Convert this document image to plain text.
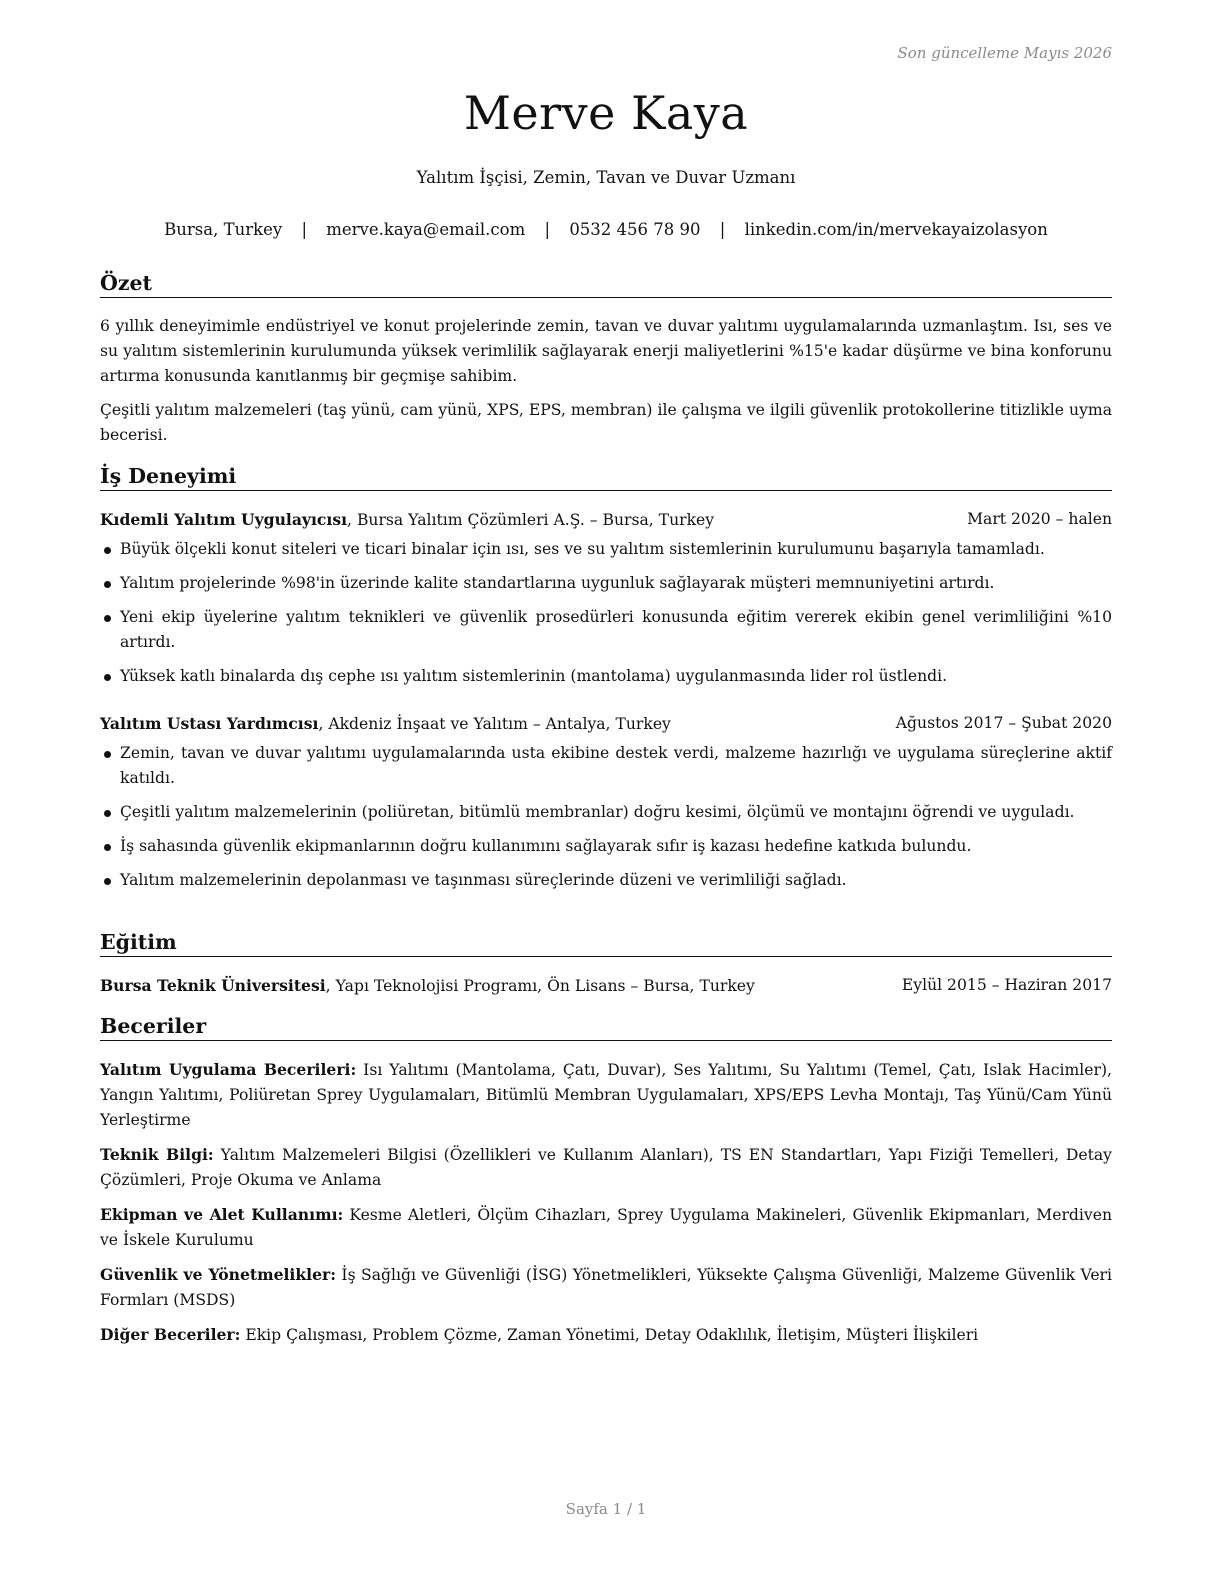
Son güncelleme Mayıs 2026
Merve Kaya
Yalıtım İşçisi, Zemin, Tavan ve Duvar Uzmanı
Bursa, Turkey | merve.kaya@email.com | 0532 456 78 90 | linkedin.com/in/mervekayaizolasyon
Özet

6 yıllık deneyimimle endüstriyel ve konut projelerinde zemin, tavan ve duvar yalıtımı uygulamalarında uzmanlaştım. Isı, ses ve su yalıtım sistemlerinin kurulumunda yüksek verimlilik sağlayarak enerji maliyetlerini %15'e kadar düşürme ve bina konforunu artırma konusunda kanıtlanmış bir geçmişe sahibim.

Çeşitli yalıtım malzemeleri (taş yünü, cam yünü, XPS, EPS, membran) ile çalışma ve ilgili güvenlik protokollerine titizlikle uyma becerisi.

İş Deneyimi
Kıdemli Yalıtım Uygulayıcısı, Bursa Yalıtım Çözümleri A.Ş. – Bursa, Turkey	Mart 2020 – halen
Büyük ölçekli konut siteleri ve ticari binalar için ısı, ses ve su yalıtım sistemlerinin kurulumunu başarıyla tamamladı.
Yalıtım projelerinde %98'in üzerinde kalite standartlarına uygunluk sağlayarak müşteri memnuniyetini artırdı.
Yeni ekip üyelerine yalıtım teknikleri ve güvenlik prosedürleri konusunda eğitim vererek ekibin genel verimliliğini %10 artırdı.
Yüksek katlı binalarda dış cephe ısı yalıtım sistemlerinin (mantolama) uygulanmasında lider rol üstlendi.
Yalıtım Ustası Yardımcısı, Akdeniz İnşaat ve Yalıtım – Antalya, Turkey	Ağustos 2017 – Şubat 2020
Zemin, tavan ve duvar yalıtımı uygulamalarında usta ekibine destek verdi, malzeme hazırlığı ve uygulama süreçlerine aktif katıldı.
Çeşitli yalıtım malzemelerinin (poliüretan, bitümlü membranlar) doğru kesimi, ölçümü ve montajını öğrendi ve uyguladı.
İş sahasında güvenlik ekipmanlarının doğru kullanımını sağlayarak sıfır iş kazası hedefine katkıda bulundu.
Yalıtım malzemelerinin depolanması ve taşınması süreçlerinde düzeni ve verimliliği sağladı.
Eğitim
Bursa Teknik Üniversitesi, Yapı Teknolojisi Programı, Ön Lisans – Bursa, Turkey	Eylül 2015 – Haziran 2017
Beceriler

Yalıtım Uygulama Becerileri: Isı Yalıtımı (Mantolama, Çatı, Duvar), Ses Yalıtımı, Su Yalıtımı (Temel, Çatı, Islak Hacimler), Yangın Yalıtımı, Poliüretan Sprey Uygulamaları, Bitümlü Membran Uygulamaları, XPS/EPS Levha Montajı, Taş Yünü/Cam Yünü Yerleştirme

Teknik Bilgi: Yalıtım Malzemeleri Bilgisi (Özellikleri ve Kullanım Alanları), TS EN Standartları, Yapı Fiziği Temelleri, Detay Çözümleri, Proje Okuma ve Anlama

Ekipman ve Alet Kullanımı: Kesme Aletleri, Ölçüm Cihazları, Sprey Uygulama Makineleri, Güvenlik Ekipmanları, Merdiven ve İskele Kurulumu

Güvenlik ve Yönetmelikler: İş Sağlığı ve Güvenliği (İSG) Yönetmelikleri, Yüksekte Çalışma Güvenliği, Malzeme Güvenlik Veri Formları (MSDS)

Diğer Beceriler: Ekip Çalışması, Problem Çözme, Zaman Yönetimi, Detay Odaklılık, İletişim, Müşteri İlişkileri

Sayfa 1 / 1
